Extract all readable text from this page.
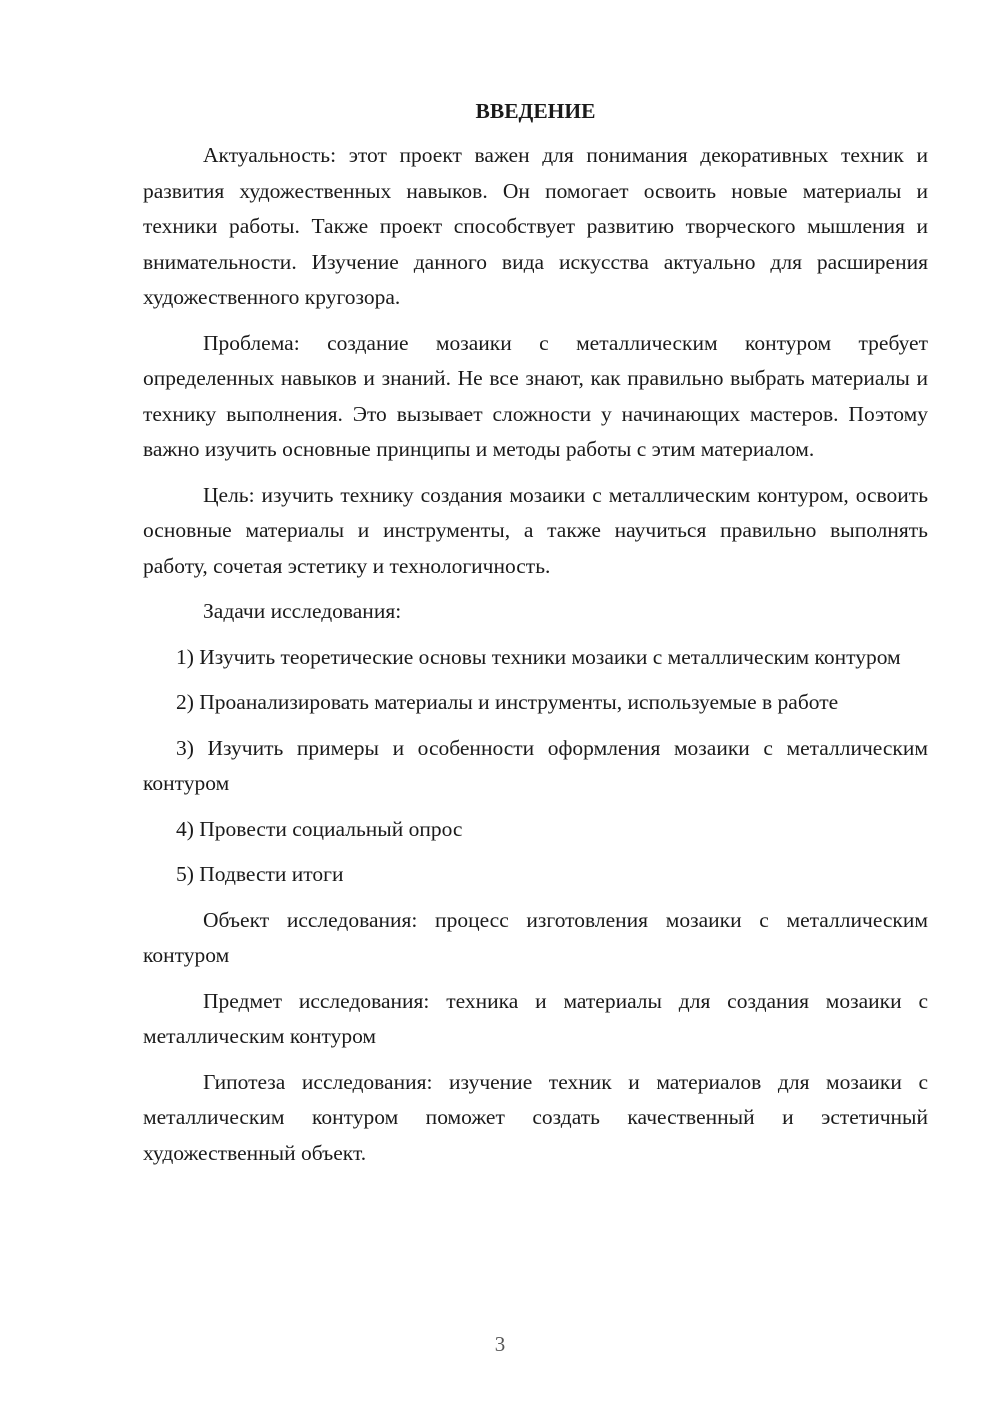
ВВЕДЕНИЕ

Актуальность: этот проект важен для понимания декоративных техник и развития художественных навыков. Он помогает освоить новые материалы и техники работы. Также проект способствует развитию творческого мышления и внимательности. Изучение данного вида искусства актуально для расширения художественного кругозора.

Проблема: создание мозаики с металлическим контуром требует определенных навыков и знаний. Не все знают, как правильно выбрать материалы и технику выполнения. Это вызывает сложности у начинающих мастеров. Поэтому важно изучить основные принципы и методы работы с этим материалом.

Цель: изучить технику создания мозаики с металлическим контуром, освоить основные материалы и инструменты, а также научиться правильно выполнять работу, сочетая эстетику и технологичность.

Задачи исследования:

1) Изучить теоретические основы техники мозаики с металлическим контуром

2) Проанализировать материалы и инструменты, используемые в работе

3) Изучить примеры и особенности оформления мозаики с металлическим контуром

4) Провести социальный опрос

5) Подвести итоги

Объект исследования: процесс изготовления мозаики с металлическим контуром

Предмет исследования: техника и материалы для создания мозаики с металлическим контуром

Гипотеза исследования: изучение техник и материалов для мозаики с металлическим контуром поможет создать качественный и эстетичный художественный объект.

3
